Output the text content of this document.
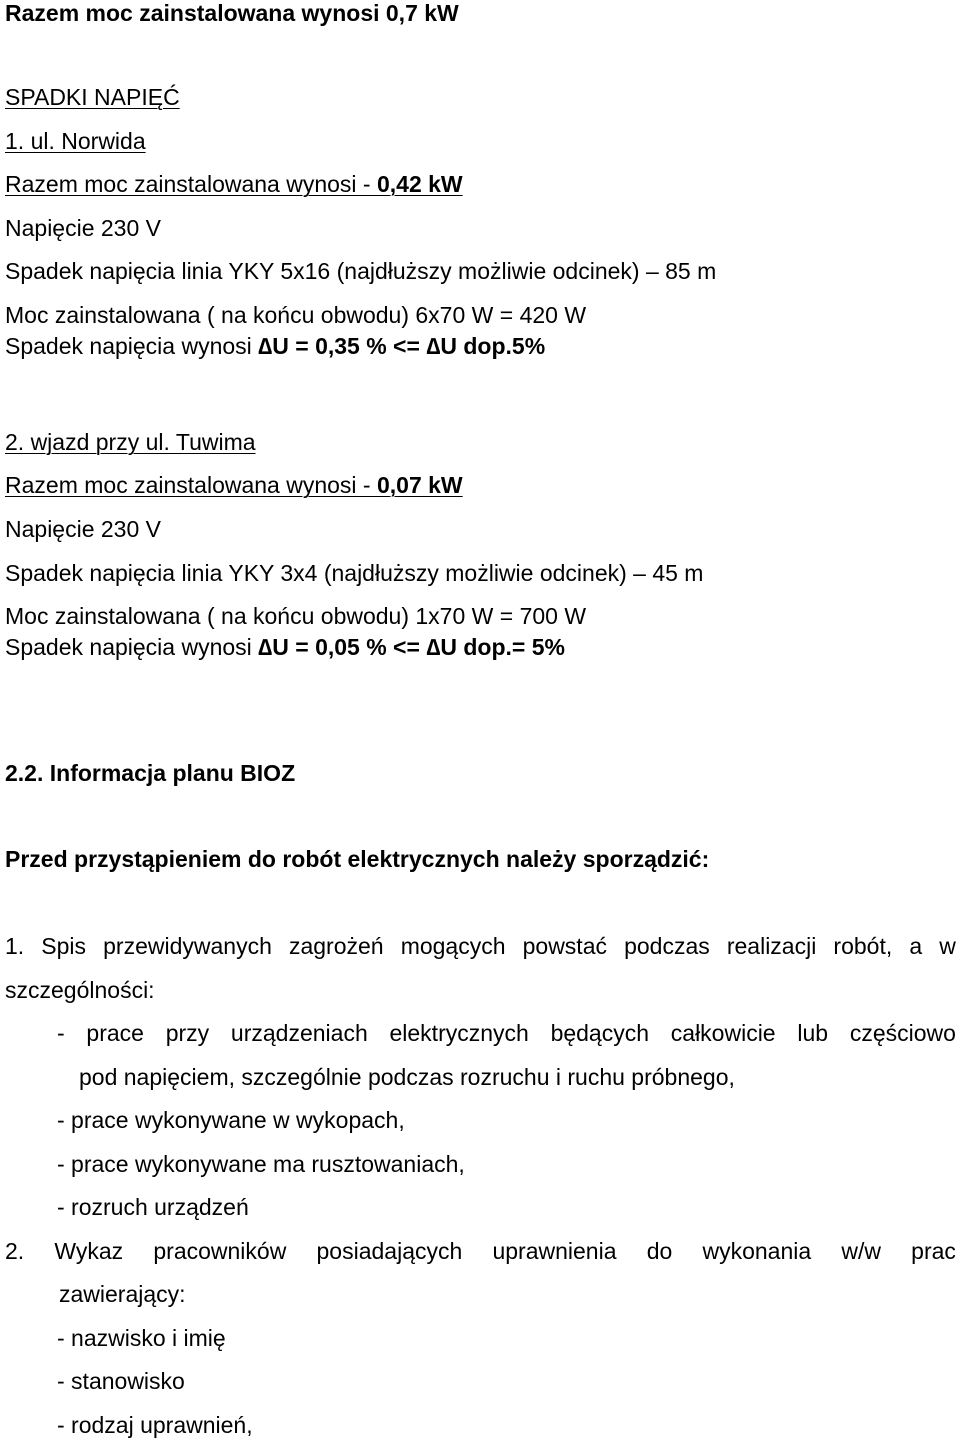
Razem moc zainstalowana wynosi 0,7 kW
SPADKI NAPIĘĆ
1. ul. Norwida
Razem moc zainstalowana wynosi - 0,42 kW
Napięcie 230 V
Spadek napięcia linia YKY 5x16 (najdłuższy możliwie odcinek) – 85 m
Moc zainstalowana ( na końcu obwodu) 6x70 W = 420 W
Spadek napięcia wynosi ∆U = 0,35 % <= ∆U dop.5%
2. wjazd przy ul. Tuwima
Razem moc zainstalowana wynosi - 0,07 kW
Napięcie 230 V
Spadek napięcia linia YKY 3x4 (najdłuższy możliwie odcinek) – 45 m
Moc zainstalowana ( na końcu obwodu) 1x70 W = 700 W
Spadek napięcia wynosi ∆U = 0,05 % <= ∆U dop.= 5%
2.2. Informacja planu BIOZ
Przed przystąpieniem do robót elektrycznych należy sporządzić:
1. Spis przewidywanych zagrożeń mogących powstać podczas realizacji robót, a w
szczególności:
- prace przy urządzeniach elektrycznych będących całkowicie lub częściowo
pod napięciem, szczególnie podczas rozruchu i ruchu próbnego,
- prace wykonywane w wykopach,
- prace wykonywane ma rusztowaniach,
- rozruch urządzeń
2. Wykaz pracowników posiadających uprawnienia do wykonania w/w prac
zawierający:
- nazwisko i imię
- stanowisko
- rodzaj uprawnień,
